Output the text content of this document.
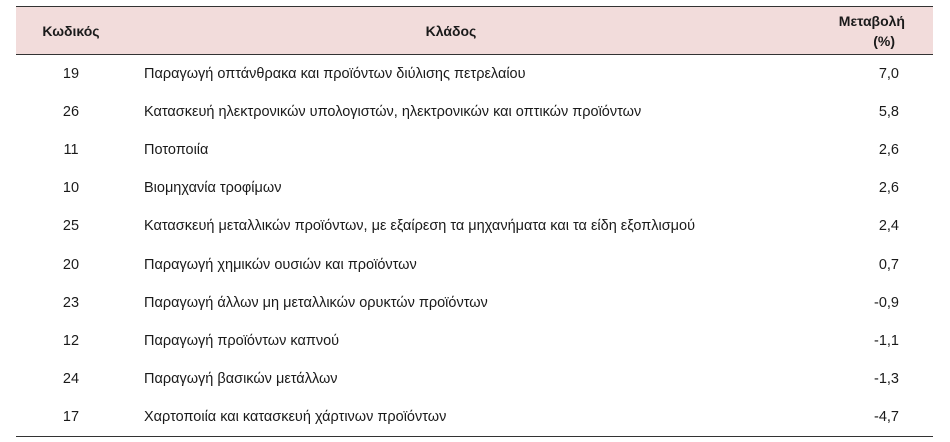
Κωδικός	Κλάδος	Μεταβολή
(%)

19	Παραγωγή οπτάνθρακα και προϊόντων διύλισης πετρελαίου	7,0
26	Κατασκευή ηλεκτρονικών υπολογιστών, ηλεκτρονικών και οπτικών προϊόντων	5,8
11	Ποτοποιία	2,6
10	Βιομηχανία τροφίμων	2,6
25	Κατασκευή μεταλλικών προϊόντων, με εξαίρεση τα μηχανήματα και τα είδη εξοπλισμού	2,4
20	Παραγωγή χημικών ουσιών και προϊόντων	0,7
23	Παραγωγή άλλων μη μεταλλικών ορυκτών προϊόντων	-0,9
12	Παραγωγή προϊόντων καπνού	-1,1
24	Παραγωγή βασικών μετάλλων	-1,3
17	Χαρτοποιία και κατασκευή χάρτινων προϊόντων	-4,7
